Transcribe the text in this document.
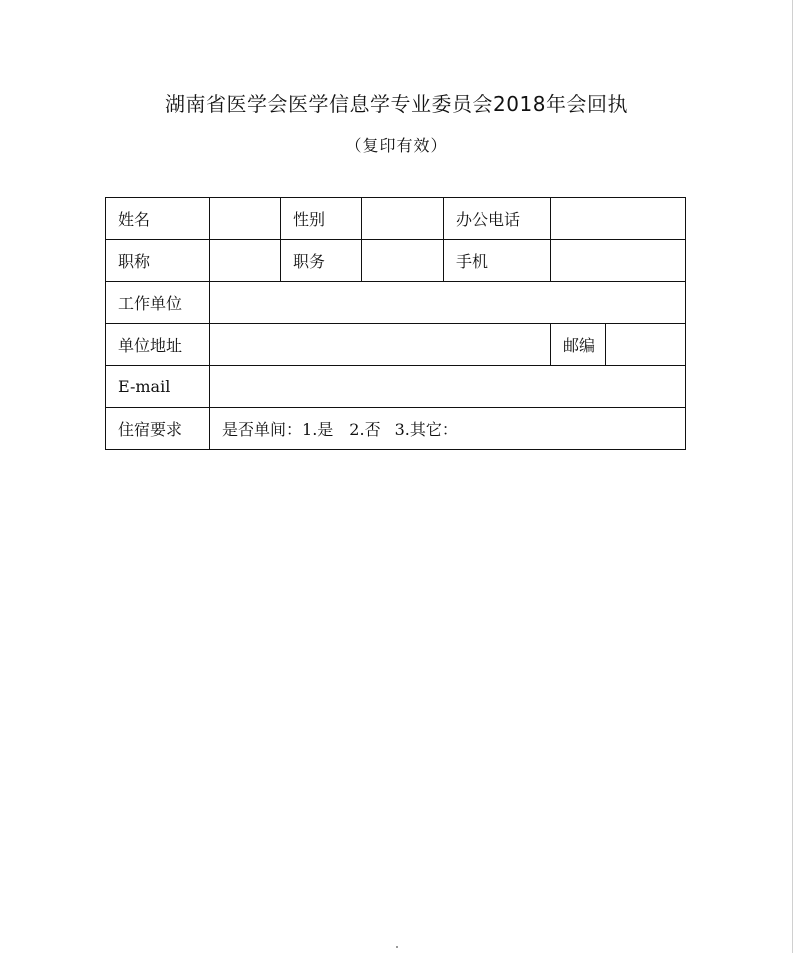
湖南省医学会医学信息学专业委员会2018年会回执
（复印有效）
姓名		性别		办公电话		
职称		职务		手机		
工作单位						
单位地址					邮编	
E-mail						
住宿要求	是否单间：1.是 2.否 3.其它：					
